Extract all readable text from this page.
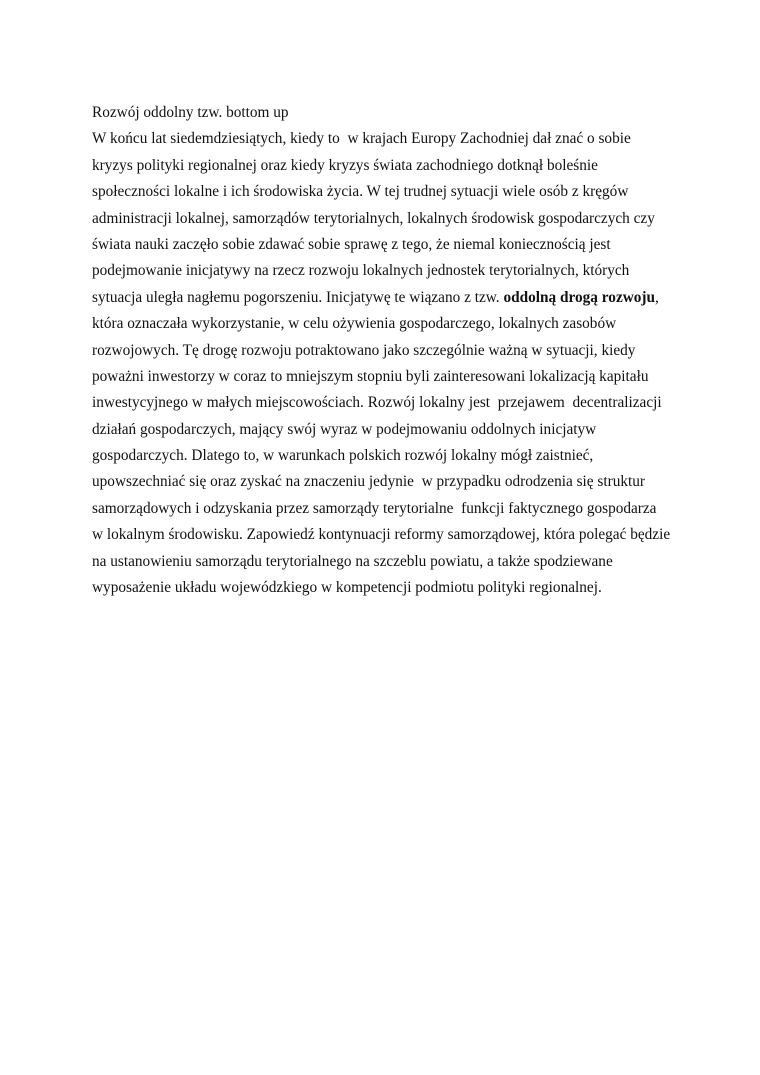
Rozwój oddolny tzw. bottom up
W końcu lat siedemdziesiątych, kiedy to  w krajach Europy Zachodniej dał znać o sobie
kryzys polityki regionalnej oraz kiedy kryzys świata zachodniego dotknął boleśnie
społeczności lokalne i ich środowiska życia. W tej trudnej sytuacji wiele osób z kręgów
administracji lokalnej, samorządów terytorialnych, lokalnych środowisk gospodarczych czy
świata nauki zaczęło sobie zdawać sobie sprawę z tego, że niemal koniecznością jest
podejmowanie inicjatywy na rzecz rozwoju lokalnych jednostek terytorialnych, których
sytuacja uległa nagłemu pogorszeniu. Inicjatywę te wiązano z tzw. oddolną drogą rozwoju,
która oznaczała wykorzystanie, w celu ożywienia gospodarczego, lokalnych zasobów
rozwojowych. Tę drogę rozwoju potraktowano jako szczególnie ważną w sytuacji, kiedy
poważni inwestorzy w coraz to mniejszym stopniu byli zainteresowani lokalizacją kapitału
inwestycyjnego w małych miejscowościach. Rozwój lokalny jest  przejawem  decentralizacji
działań gospodarczych, mający swój wyraz w podejmowaniu oddolnych inicjatyw
gospodarczych. Dlatego to, w warunkach polskich rozwój lokalny mógł zaistnieć,
upowszechniać się oraz zyskać na znaczeniu jedynie  w przypadku odrodzenia się struktur
samorządowych i odzyskania przez samorządy terytorialne  funkcji faktycznego gospodarza
w lokalnym środowisku. Zapowiedź kontynuacji reformy samorządowej, która polegać będzie
na ustanowieniu samorządu terytorialnego na szczeblu powiatu, a także spodziewane
wyposażenie układu wojewódzkiego w kompetencji podmiotu polityki regionalnej.
